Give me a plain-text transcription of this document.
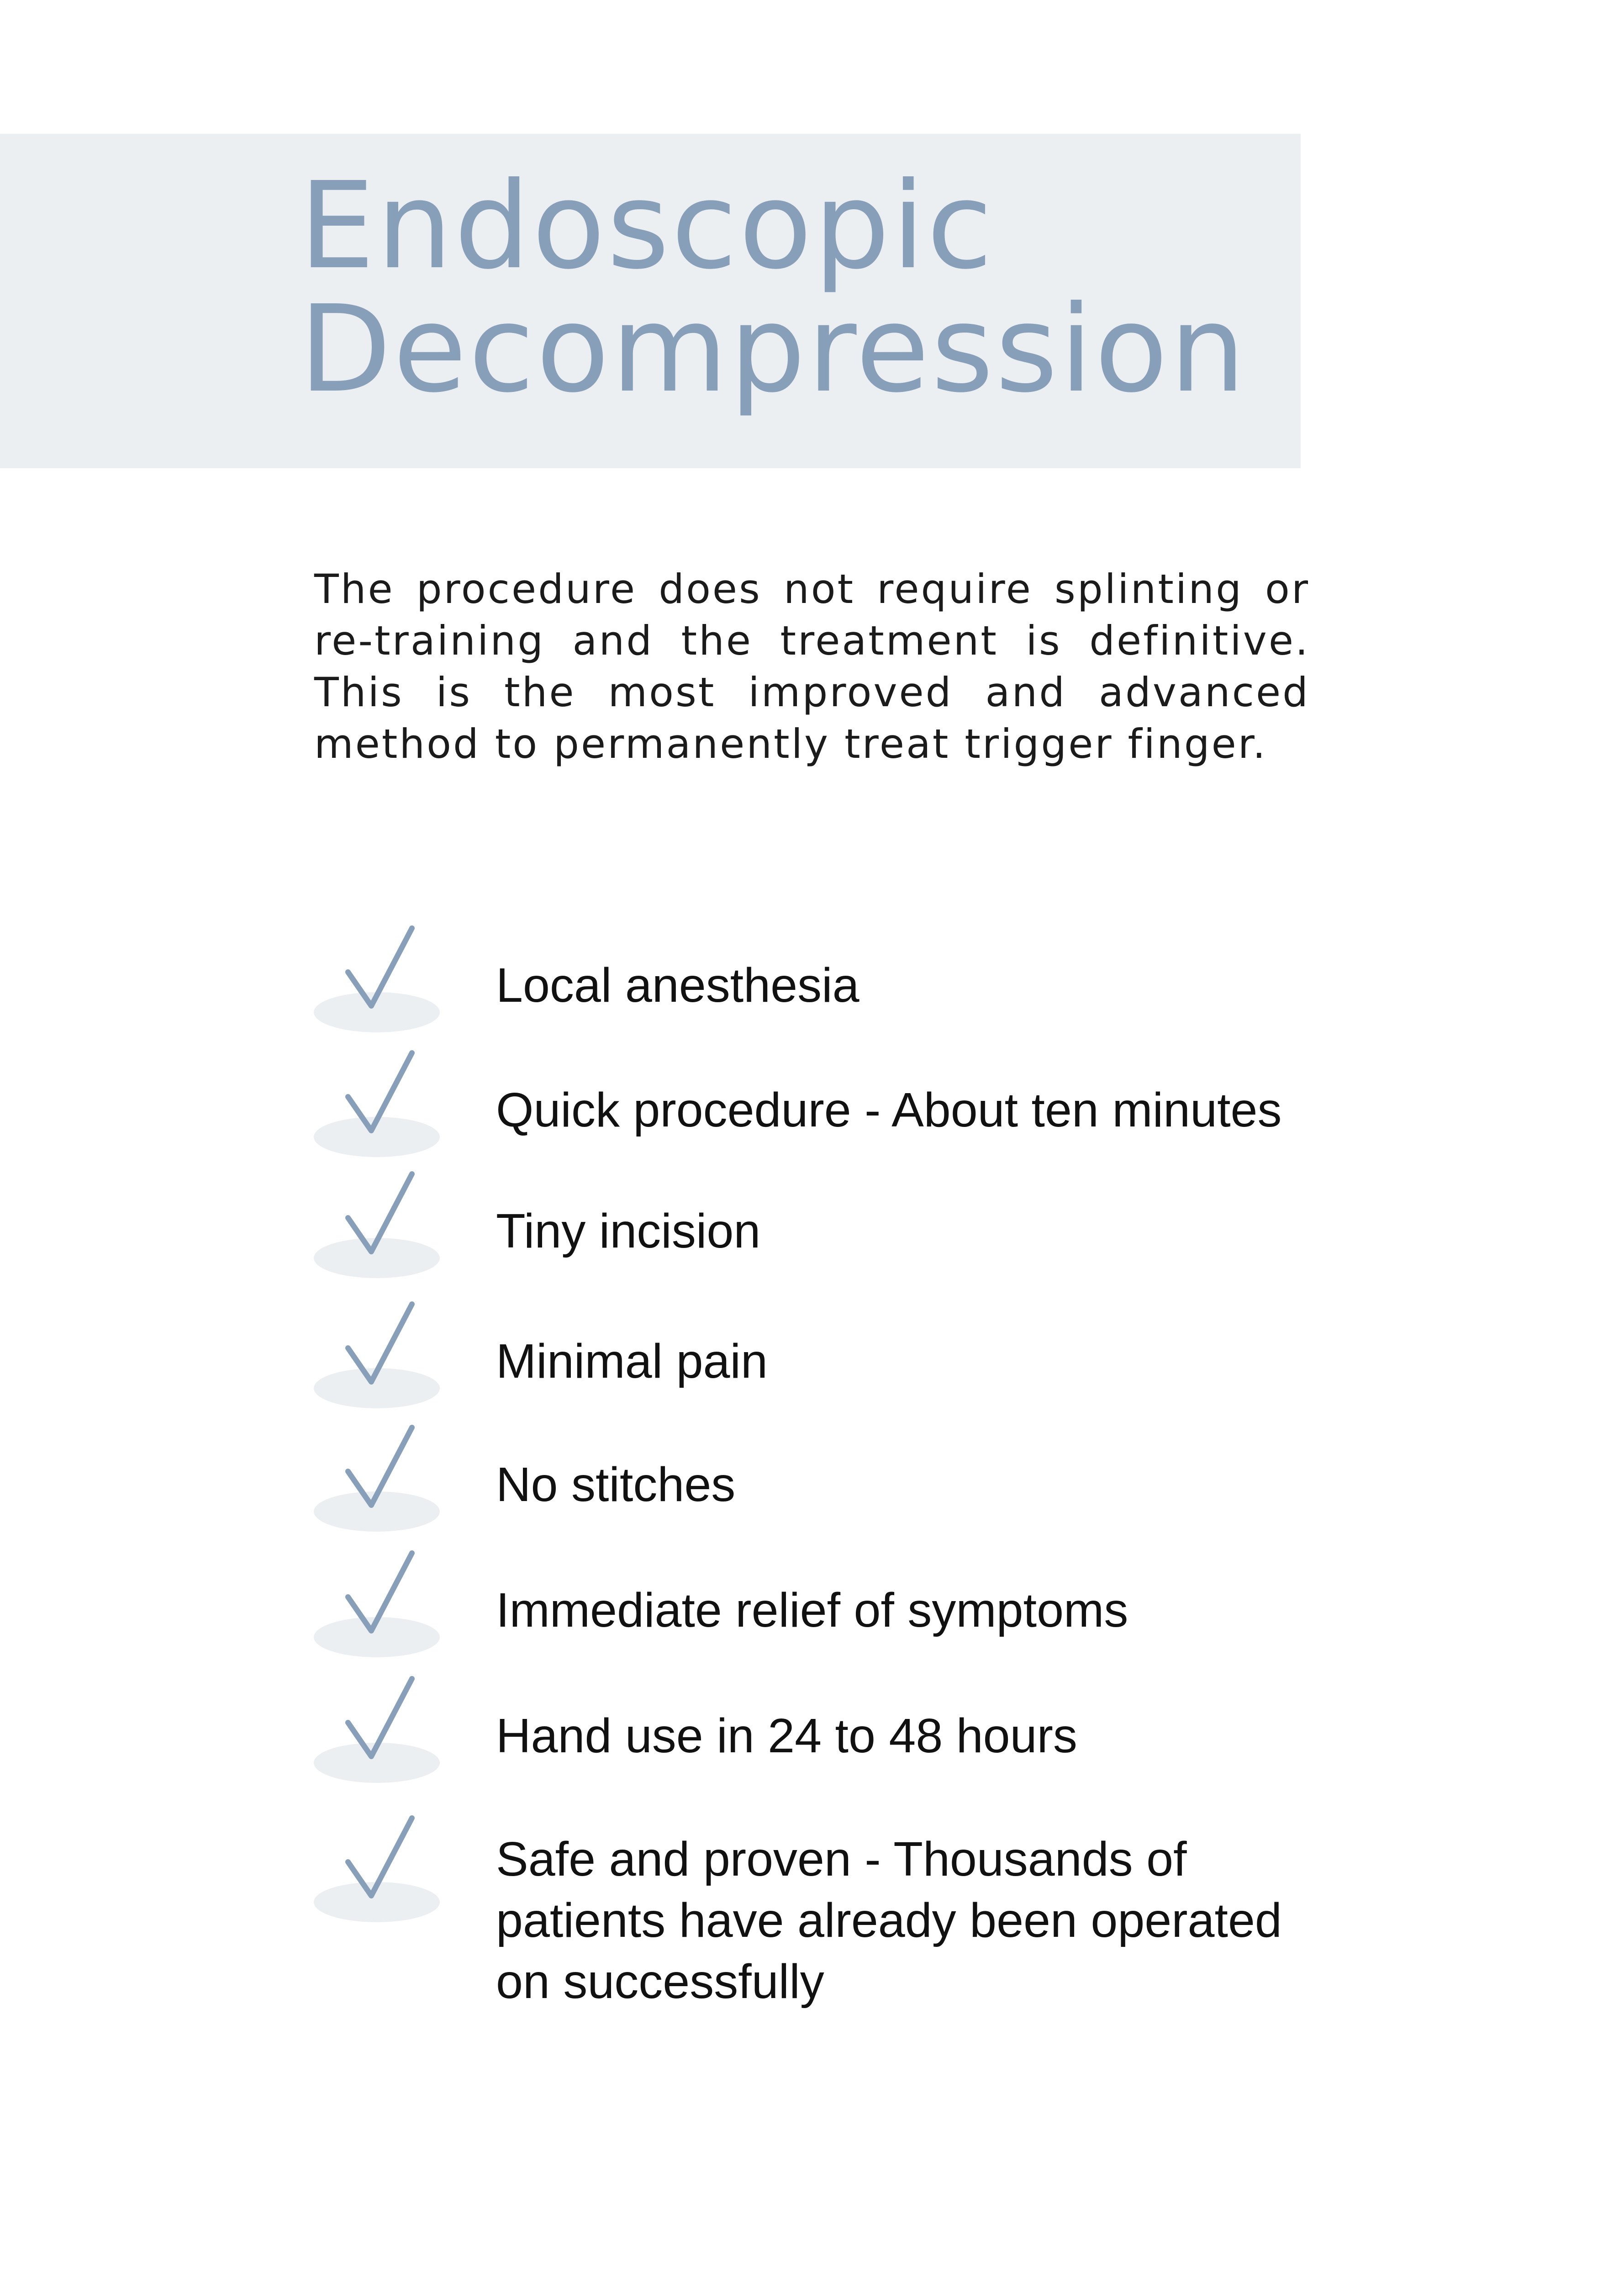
Endoscopic
Decompression

The procedure does not require splinting or re-training and the treatment is definitive. This is the most improved and advanced method to permanently treat trigger finger.

Local anesthesia
Quick procedure - About ten minutes
Tiny incision
Minimal pain
No stitches
Immediate relief of symptoms
Hand use in 24 to 48 hours
Safe and proven - Thousands of patients have already been operated on successfully
